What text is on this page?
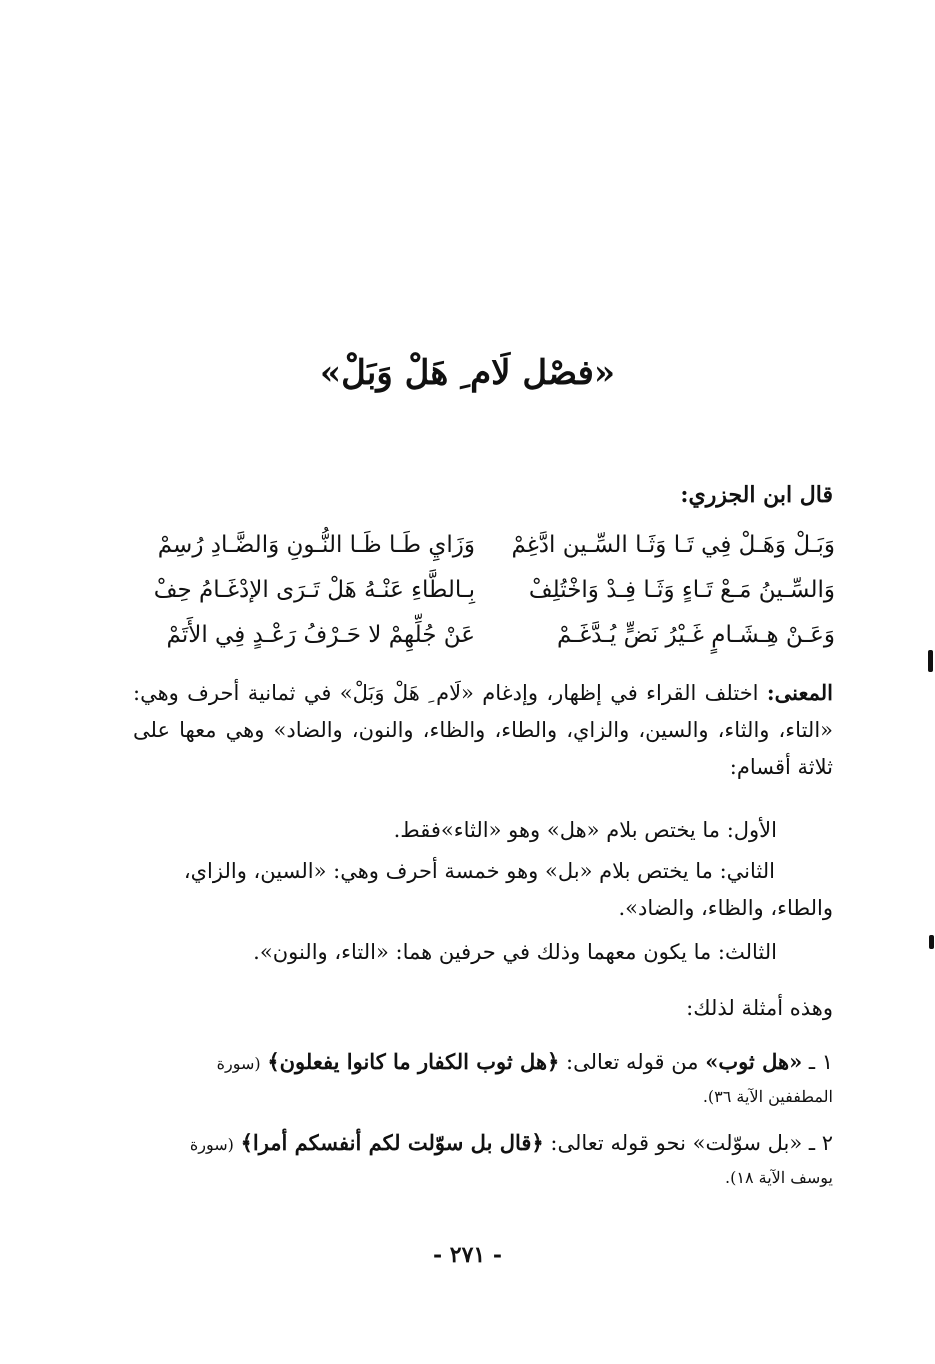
«فصْل لَام ِ هَلْ وَبَلْ»
قال ابن الجزري:
وَبَـلْ وَهَـلْ فِي تَـا وَثَـا السِّـين ادَّغِمْ
وَزَايِ طَـا ظَـا النُّـونِ وَالضَّـادِ رُسِمْ
وَالسِّـينُ مَـعْ تَـاءٍ وَثَـا فِـدْ وَاخْتُلِفْ
بِـالطَّاءِ عَنْـهُ هَلْ تَـرَى الإدْغَـامُ حِفْ
وَعَـنْ هِـشَـامٍ غَـيْرُ نَضٍّ يُـدَّغَـمْ
عَنْ جُلِّهِمْ لا حَـرْفُ رَعْـدٍ فِي الأَتَمْ
المعنى: اختلف القراء في إظهار، وإدغام «لَام ِ هَلْ وَبَلْ» في ثمانية أحرف وهي: «التاء، والثاء، والسين، والزاي، والطاء، والظاء، والنون، والضاد» وهي معها على ثلاثة أقسام:
الأول: ما يختص بلام «هل» وهو «الثاء»فقط.
الثاني: ما يختص بلام «بل» وهو خمسة أحرف وهي: «السين، والزاي،
والطاء، والظاء، والضاد».
الثالث: ما يكون معهما وذلك في حرفين هما: «التاء، والنون».
وهذه أمثلة لذلك:
١ ـ «هل ثوب» من قوله تعالى: ﴿هل ثوب الكفار ما كانوا يفعلون﴾ (سورة
المطففين الآية ٣٦).
٢ ـ «بل سوّلت» نحو قوله تعالى: ﴿قال بل سوّلت لكم أنفسكم أمرا﴾ (سورة
يوسف الآية ١٨).
- ٢٧١ -
